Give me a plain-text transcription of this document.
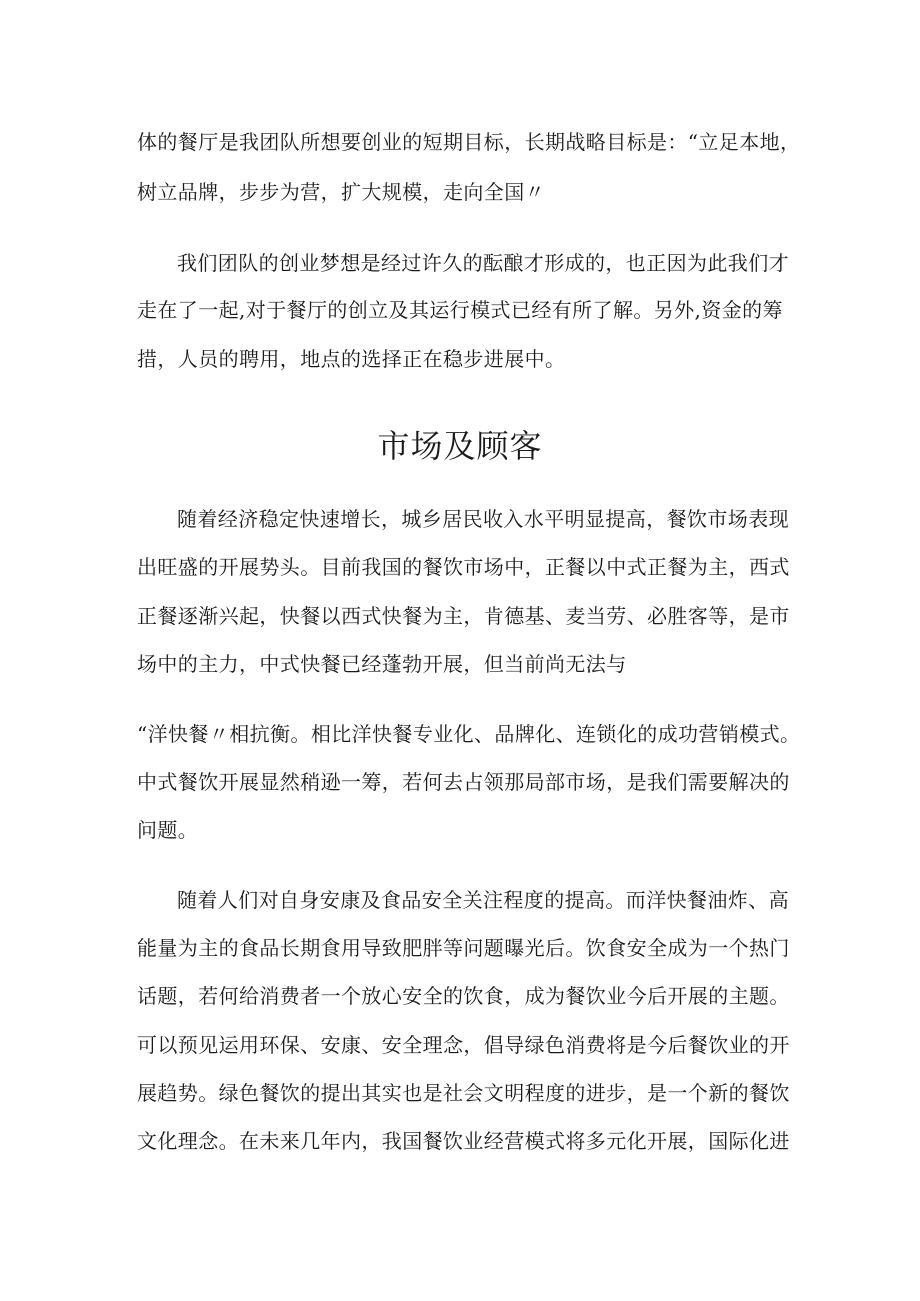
体的餐厅是我团队所想要创业的短期目标，长期战略目标是：“立足本地，
树立品牌，步步为营，扩大规模，走向全国〃
我们团队的创业梦想是经过许久的酝酿才形成的，也正因为此我们才
走在了一起,对于餐厅的创立及其运行模式已经有所了解。另外,资金的筹
措，人员的聘用，地点的选择正在稳步进展中。
市场及顾客
随着经济稳定快速增长，城乡居民收入水平明显提高，餐饮市场表现
出旺盛的开展势头。目前我国的餐饮市场中，正餐以中式正餐为主，西式
正餐逐渐兴起，快餐以西式快餐为主，肯德基、麦当劳、必胜客等，是市
场中的主力，中式快餐已经蓬勃开展，但当前尚无法与
“洋快餐〃相抗衡。相比洋快餐专业化、品牌化、连锁化的成功营销模式。
中式餐饮开展显然稍逊一筹，若何去占领那局部市场，是我们需要解决的
问题。
随着人们对自身安康及食品安全关注程度的提高。而洋快餐油炸、高
能量为主的食品长期食用导致肥胖等问题曝光后。饮食安全成为一个热门
话题，若何给消费者一个放心安全的饮食，成为餐饮业今后开展的主题。
可以预见运用环保、安康、安全理念，倡导绿色消费将是今后餐饮业的开
展趋势。绿色餐饮的提出其实也是社会文明程度的进步，是一个新的餐饮
文化理念。在未来几年内，我国餐饮业经营模式将多元化开展，国际化进
